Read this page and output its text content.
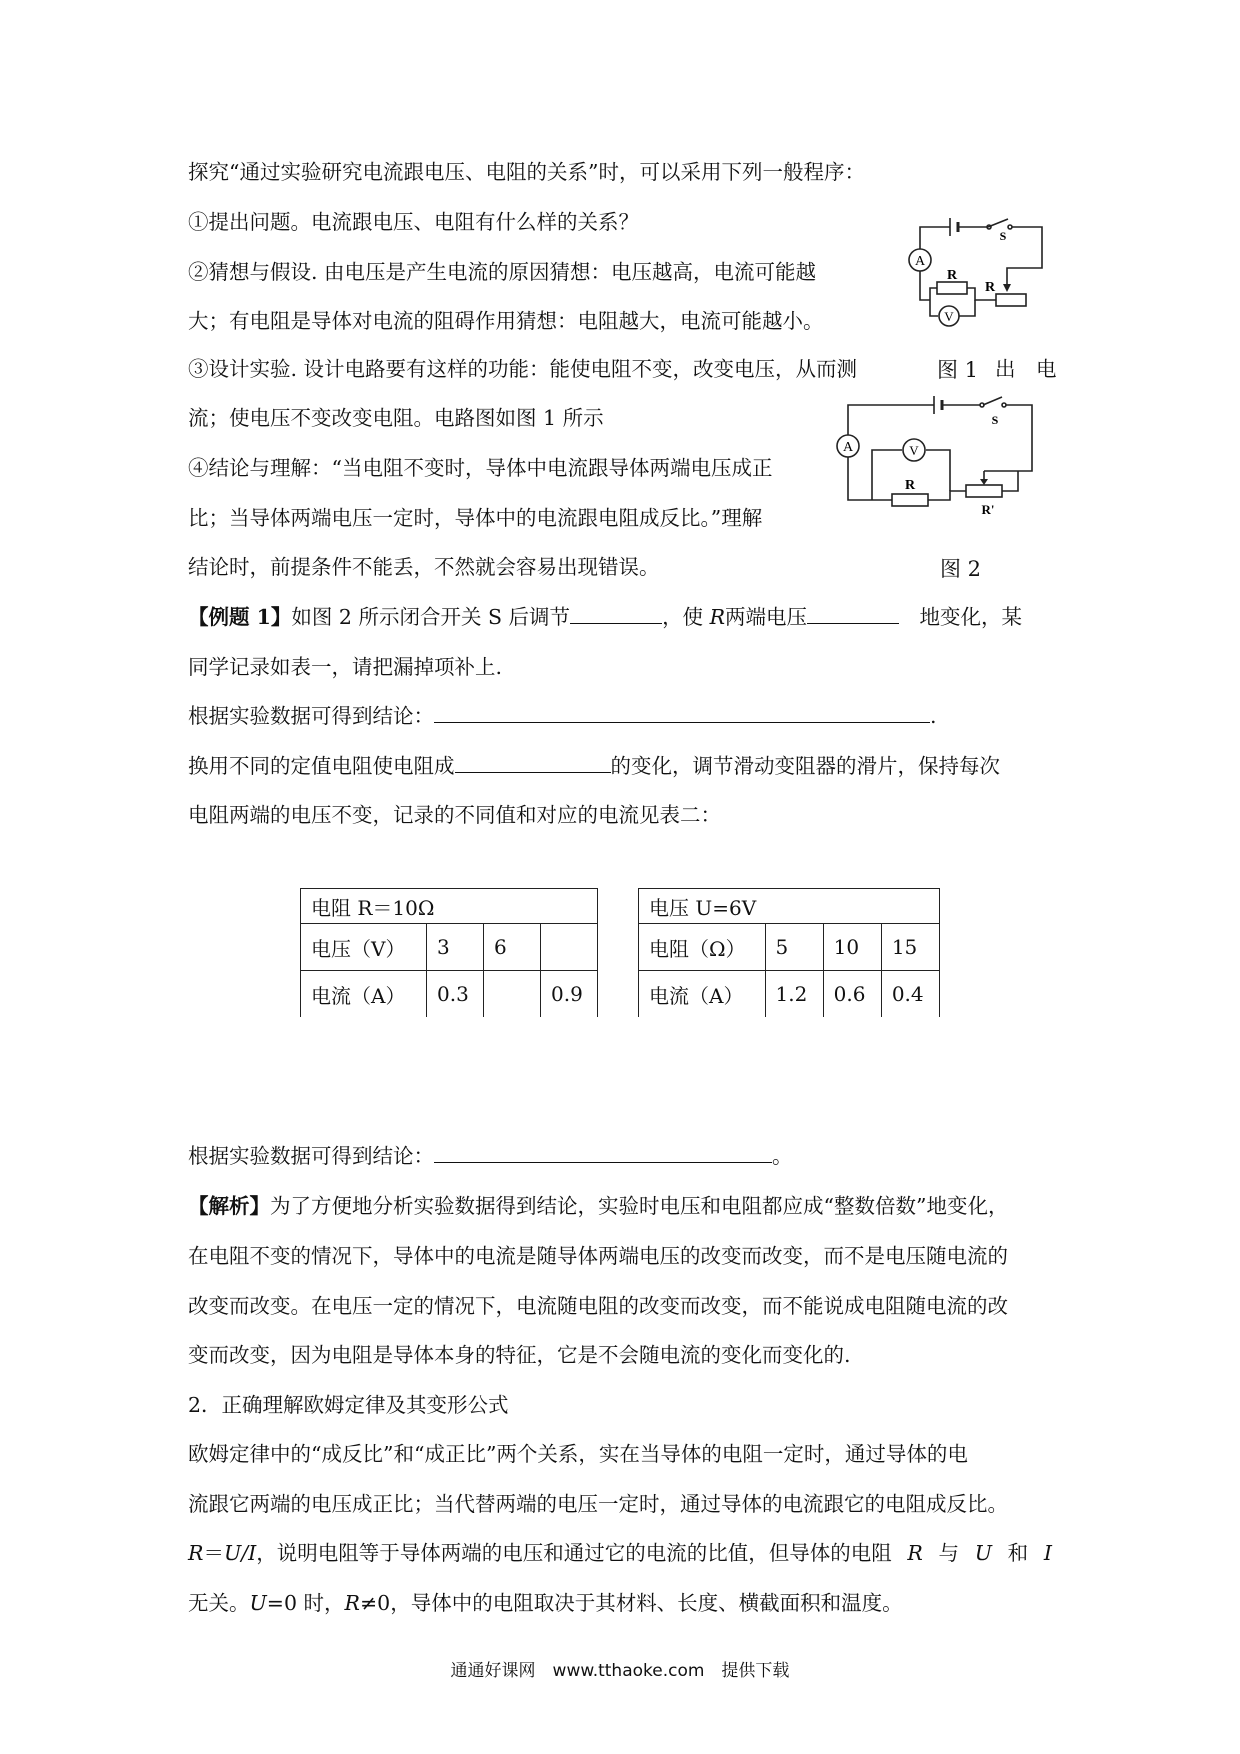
探究“通过实验研究电流跟电压、电阻的关系”时，可以采用下列一般程序：
①提出问题。电流跟电压、电阻有什么样的关系？
②猜想与假设. 由电压是产生电流的原因猜想：电压越高，电流可能越
大；有电阻是导体对电流的阻碍作用猜想：电阻越大，电流可能越小。
③设计实验. 设计电路要有这样的功能：能使电阻不变，改变电压，从而测	出　电
流；使电压不变改变电阻。电路图如图 1 所示
④结论与理解：“当电阻不变时，导体中电流跟导体两端电压成正
比；当导体两端电压一定时，导体中的电流跟电阻成反比。”理解
结论时，前提条件不能丢，不然就会容易出现错误。
A
V
R
R
S
图 1
A	V
R
R'
S
图 2
【例题 1】如图 2 所示闭合开关 S 后调节	，使 R两端电压　	地变化，某
同学记录如表一，请把漏掉项补上.
根据实验数据可得到结论：	.
换用不同的定值电阻使电阻成	的变化，调节滑动变阻器的滑片，保持每次
电阻两端的电压不变，记录的不同值和对应的电流见表二：
电阻 R＝10Ω			
电压（V）	3	6	
电流（A）	0.3		0.9
电压 U=6V			
电阻（Ω）	5	10	15
电流（A）	1.2	0.6	0.4
根据实验数据可得到结论：	。
【解析】为了方便地分析实验数据得到结论，实验时电压和电阻都应成“整数倍数”地变化，
在电阻不变的情况下，导体中的电流是随导体两端电压的改变而改变，而不是电压随电流的
改变而改变。在电压一定的情况下，电流随电阻的改变而改变，而不能说成电阻随电流的改
变而改变，因为电阻是导体本身的特征，它是不会随电流的变化而变化的.
2．正确理解欧姆定律及其变形公式
欧姆定律中的“成反比”和“成正比”两个关系，实在当导体的电阻一定时，通过导体的电
流跟它两端的电压成正比；当代替两端的电压一定时，通过导体的电流跟它的电阻成反比。
R＝U/I，说明电阻等于导体两端的电压和通过它的电流的比值，但导体的电阻 R 与 U 和 I
无关。U=0 时，R≠0，导体中的电阻取决于其材料、长度、横截面积和温度。
通通好课网　www.tthaoke.com　提供下载
